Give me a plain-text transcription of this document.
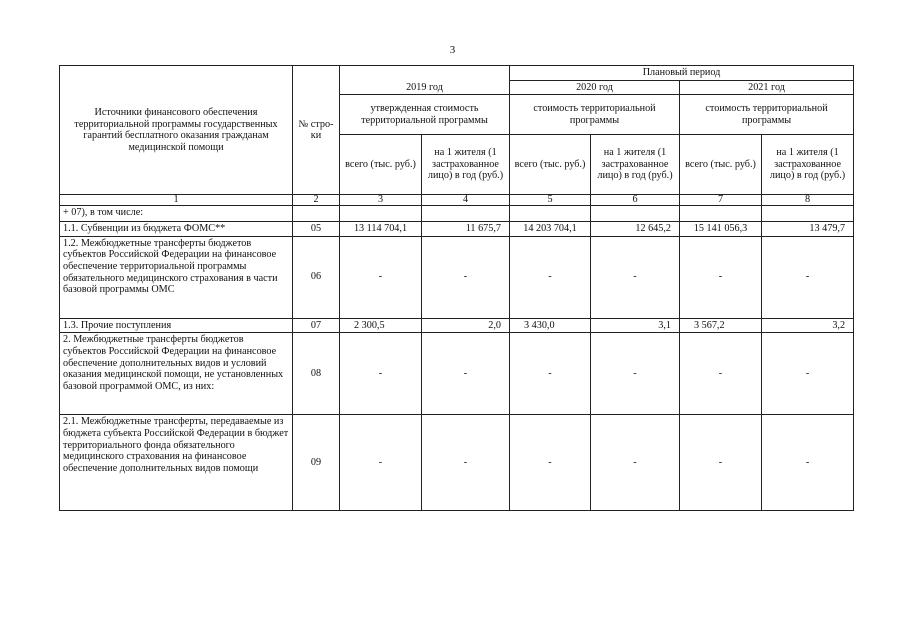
3
Источники финансового обеспечения территориальной программы государственных гарантий бесплатного оказания гражданам медицинской помощи	№ стро-ки	2019 год		Плановый период			
				2020 год		2021 год	
		утвержденная стоимость территориальной программы		стоимость территориальной программы		стоимость территориальной программы	
		всего (тыс. руб.)	на 1 жителя (1 застрахованное лицо) в год (руб.)	всего (тыс. руб.)	на 1 жителя (1 застрахованное лицо) в год (руб.)	всего (тыс. руб.)	на 1 жителя (1 застрахованное лицо) в год (руб.)
1	2	3	4	5	6	7	8
+ 07), в том числе:							
1.1. Субвенции из бюджета ФОМС**	05	13 114 704,1	11 675,7	14 203 704,1	12 645,2	15 141 056,3	13 479,7
1.2. Межбюджетные трансферты бюджетов субъектов Российской Федерации на финансовое обеспечение территориальной программы обязательного медицинского страхования в части базовой программы ОМС	06	-	-	-	-	-	-
1.3. Прочие поступления	07	2 300,5	2,0	3 430,0	3,1	3 567,2	3,2
2. Межбюджетные трансферты бюджетов субъектов Российской Федерации на финансовое обеспечение дополнительных видов и условий оказания медицинской помощи, не установленных базовой программой ОМС, из них:	08	-	-	-	-	-	-
2.1. Межбюджетные трансферты, передаваемые из бюджета субъекта Российской Федерации в бюджет территориального фонда обязательного медицинского страхования на финансовое обеспечение дополнительных видов помощи	09	-	-	-	-	-	-
